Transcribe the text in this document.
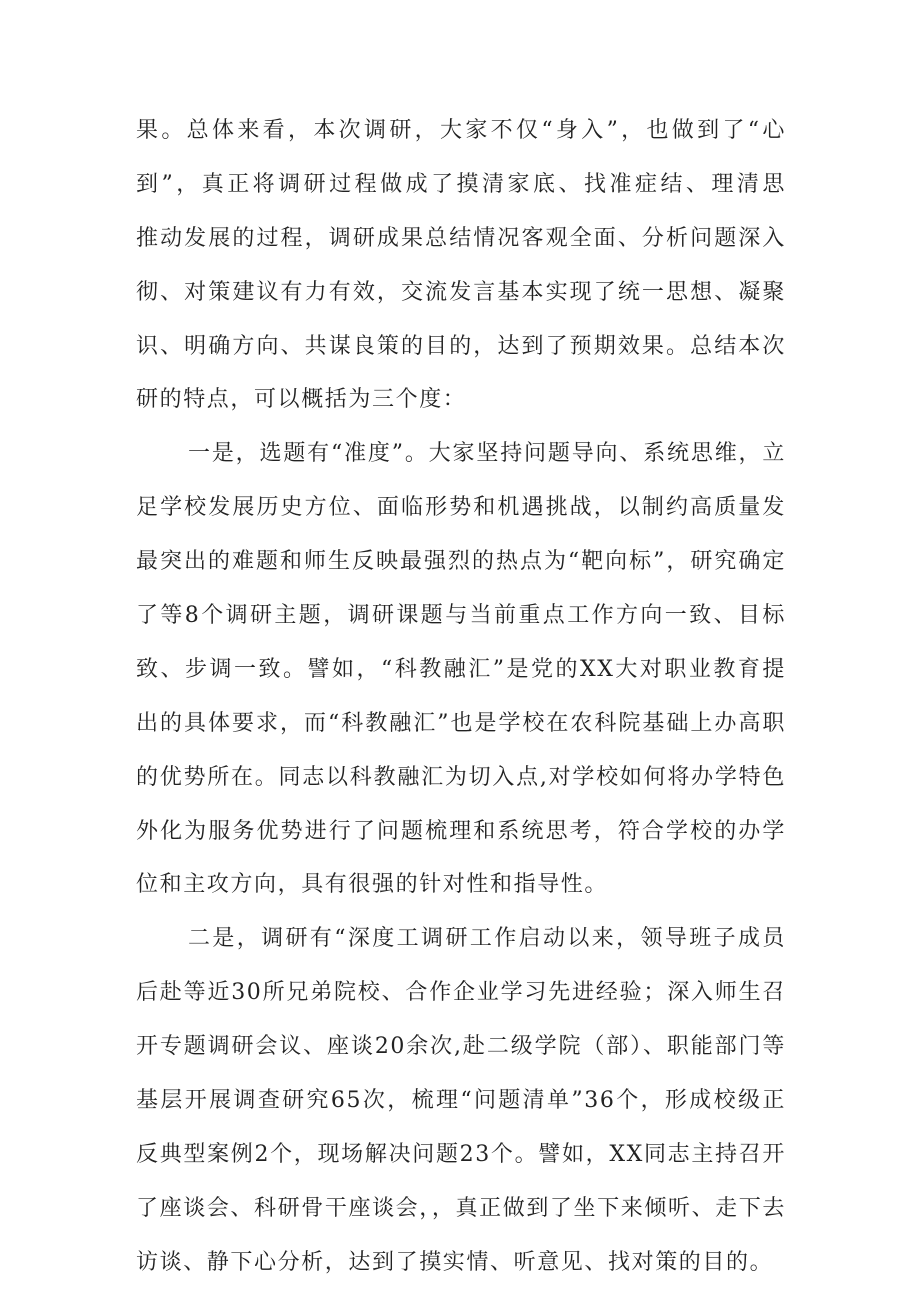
果。总体来看，本次调研，大家不仅“身入”，也做到了“心
到”，真正将调研过程做成了摸清家底、找准症结、理清思
推动发展的过程，调研成果总结情况客观全面、分析问题深入
彻、对策建议有力有效，交流发言基本实现了统一思想、凝聚
识、明确方向、共谋良策的目的，达到了预期效果。总结本次
研的特点，可以概括为三个度：
一是，选题有“准度”。大家坚持问题导向、系统思维，立
足学校发展历史方位、面临形势和机遇挑战，以制约高质量发
最突出的难题和师生反映最强烈的热点为“靶向标”，研究确定
了等8个调研主题，调研课题与当前重点工作方向一致、目标
致、步调一致。譬如，“科教融汇”是党的XX大对职业教育提
出的具体要求，而“科教融汇”也是学校在农科院基础上办高职
的优势所在。同志以科教融汇为切入点,对学校如何将办学特色
外化为服务优势进行了问题梳理和系统思考，符合学校的办学
位和主攻方向，具有很强的针对性和指导性。
二是，调研有“深度工调研工作启动以来，领导班子成员
后赴等近30所兄弟院校、合作企业学习先进经验；深入师生召
开专题调研会议、座谈20余次,赴二级学院（部）、职能部门等
基层开展调查研究65次，梳理“问题清单”36个，形成校级正
反典型案例2个，现场解决问题23个。譬如，XX同志主持召开
了座谈会、科研骨干座谈会，，真正做到了坐下来倾听、走下去
访谈、静下心分析，达到了摸实情、听意见、找对策的目的。
